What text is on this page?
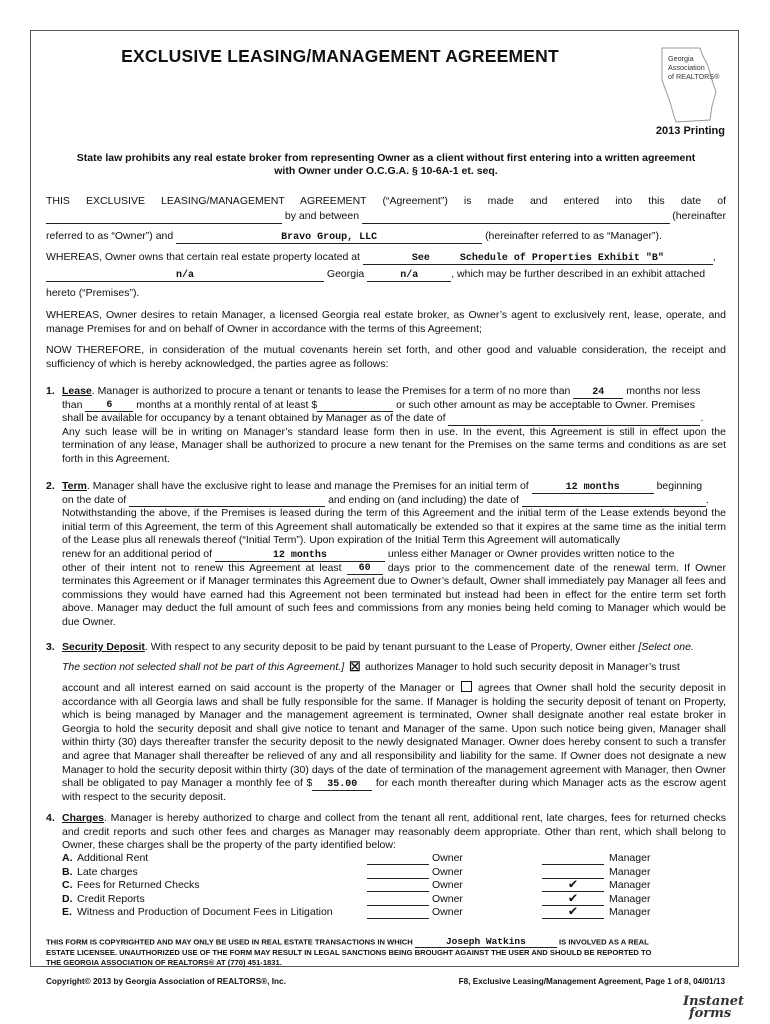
EXCLUSIVE LEASING/MANAGEMENT AGREEMENT	Georgia
Association
of REALTORS®
2013 Printing
State law prohibits any real estate broker from representing Owner as a client without first entering into a written agreement
with Owner under O.C.G.A. § 10-6A-1 et. seq.
THIS EXCLUSIVE LEASING/MANAGEMENT AGREEMENT (“Agreement”) is made and entered into this date of
by and between	(hereinafter
referred to as “Owner”) and	Bravo Group, LLC	(hereinafter referred to as “Manager”).
WHEREAS, Owner owns that certain real estate property located at	See     Schedule of Properties Exhibit "B"	,
n/a	Georgia	n/a	, which may be further described in an exhibit attached
hereto (“Premises”).
WHEREAS, Owner desires to retain Manager, a licensed Georgia real estate broker, as Owner’s agent to exclusively rent, lease, operate, and manage Premises for and on behalf of Owner in accordance with the terms of this Agreement;
NOW THEREFORE, in consideration of the mutual covenants herein set forth, and other good and valuable consideration, the receipt and sufficiency of which is hereby acknowledged, the parties agree as follows:
1. Lease. Manager is authorized to procure a tenant or tenants to lease the Premises for a term of no more than 24 months nor less
than 6 months at a monthly rental of at least $	or such other amount as may be acceptable to Owner. Premises
shall be available for occupancy by a tenant obtained by Manager as of the date of	.
Any such lease will be in writing on Manager’s standard lease form then in use. In the event, this Agreement is still in effect upon the termination of any lease, Manager shall be authorized to procure a new tenant for the Premises on the same terms and conditions as are set forth in this Agreement.
2. Term. Manager shall have the exclusive right to lease and manage the Premises for an initial term of	12 months	beginning
on the date of	and ending on (and including) the date of	.
Notwithstanding the above, if the Premises is leased during the term of this Agreement and the initial term of the Lease extends beyond the initial term of this Agreement, the term of this Agreement shall automatically be extended so that it expires at the same time as the initial term of the Lease plus all renewals thereof (“Initial Term”). Upon expiration of the Initial Term this Agreement will automatically
renew for an additional period of	12 months	unless either Manager or Owner provides written notice to the
other of their intent not to renew this Agreement at least 60 days prior to the commencement date of the renewal term. If Owner terminates this Agreement or if Manager terminates this Agreement due to Owner’s default, Owner shall immediately pay Manager all fees and commissions they would have earned had this Agreement not been terminated but instead had been in effect for the entire term set forth above. Manager may deduct the full amount of such fees and commissions from any monies being held coming to Manager which would be due Owner.
3. Security Deposit. With respect to any security deposit to be paid by tenant pursuant to the Lease of Property, Owner either [Select one.
The section not selected shall not be part of this Agreement.] ☒ authorizes Manager to hold such security deposit in Manager’s trust
account and all interest earned on said account is the property of the Manager or agrees that Owner shall hold the security deposit in accordance with all Georgia laws and shall be fully responsible for the same. If Manager is holding the security deposit of tenant on Property, which is being managed by Manager and the management agreement is terminated, Owner shall designate another real estate broker in Georgia to hold the security deposit and shall give notice to tenant and Manager of the same. Upon such notice being given, Manager shall within thirty (30) days thereafter transfer the security deposit to the newly designated Manager. Owner does hereby consent to such a transfer and agree that Manager shall thereafter be relieved of any and all responsibility and liability for the same. If Owner does not designate a new Manager to hold the security deposit within thirty (30) days of the date of termination of the management agreement with Manager, then Owner shall be obligated to pay Manager a monthly fee of $ 35.00 for each month thereafter during which Manager acts as the escrow agent with respect to the security deposit.
4. Charges. Manager is hereby authorized to charge and collect from the tenant all rent, additional rent, late charges, fees for returned checks and credit reports and such other fees and charges as Manager may reasonably deem appropriate. Other than rent, which shall belong to Owner, these charges shall be the property of the party identified below:
A. Additional Rent	Owner	Manager
B. Late charges	Owner	Manager
C. Fees for Returned Checks	Owner	✔	Manager
D. Credit Reports	Owner	✔	Manager
E. Witness and Production of Document Fees in Litigation	Owner	✔	Manager
THIS FORM IS COPYRIGHTED AND MAY ONLY BE USED IN REAL ESTATE TRANSACTIONS IN WHICH	Joseph Watkins	IS INVOLVED AS A REAL
ESTATE LICENSEE. UNAUTHORIZED USE OF THE FORM MAY RESULT IN LEGAL SANCTIONS BEING BROUGHT AGAINST THE USER AND SHOULD BE REPORTED TO
THE GEORGIA ASSOCIATION OF REALTORS® AT (770) 451-1831.
Copyright© 2013 by Georgia Association of REALTORS®, Inc.	F8, Exclusive Leasing/Management Agreement, Page 1 of 8, 04/01/13
Instanet
forms
